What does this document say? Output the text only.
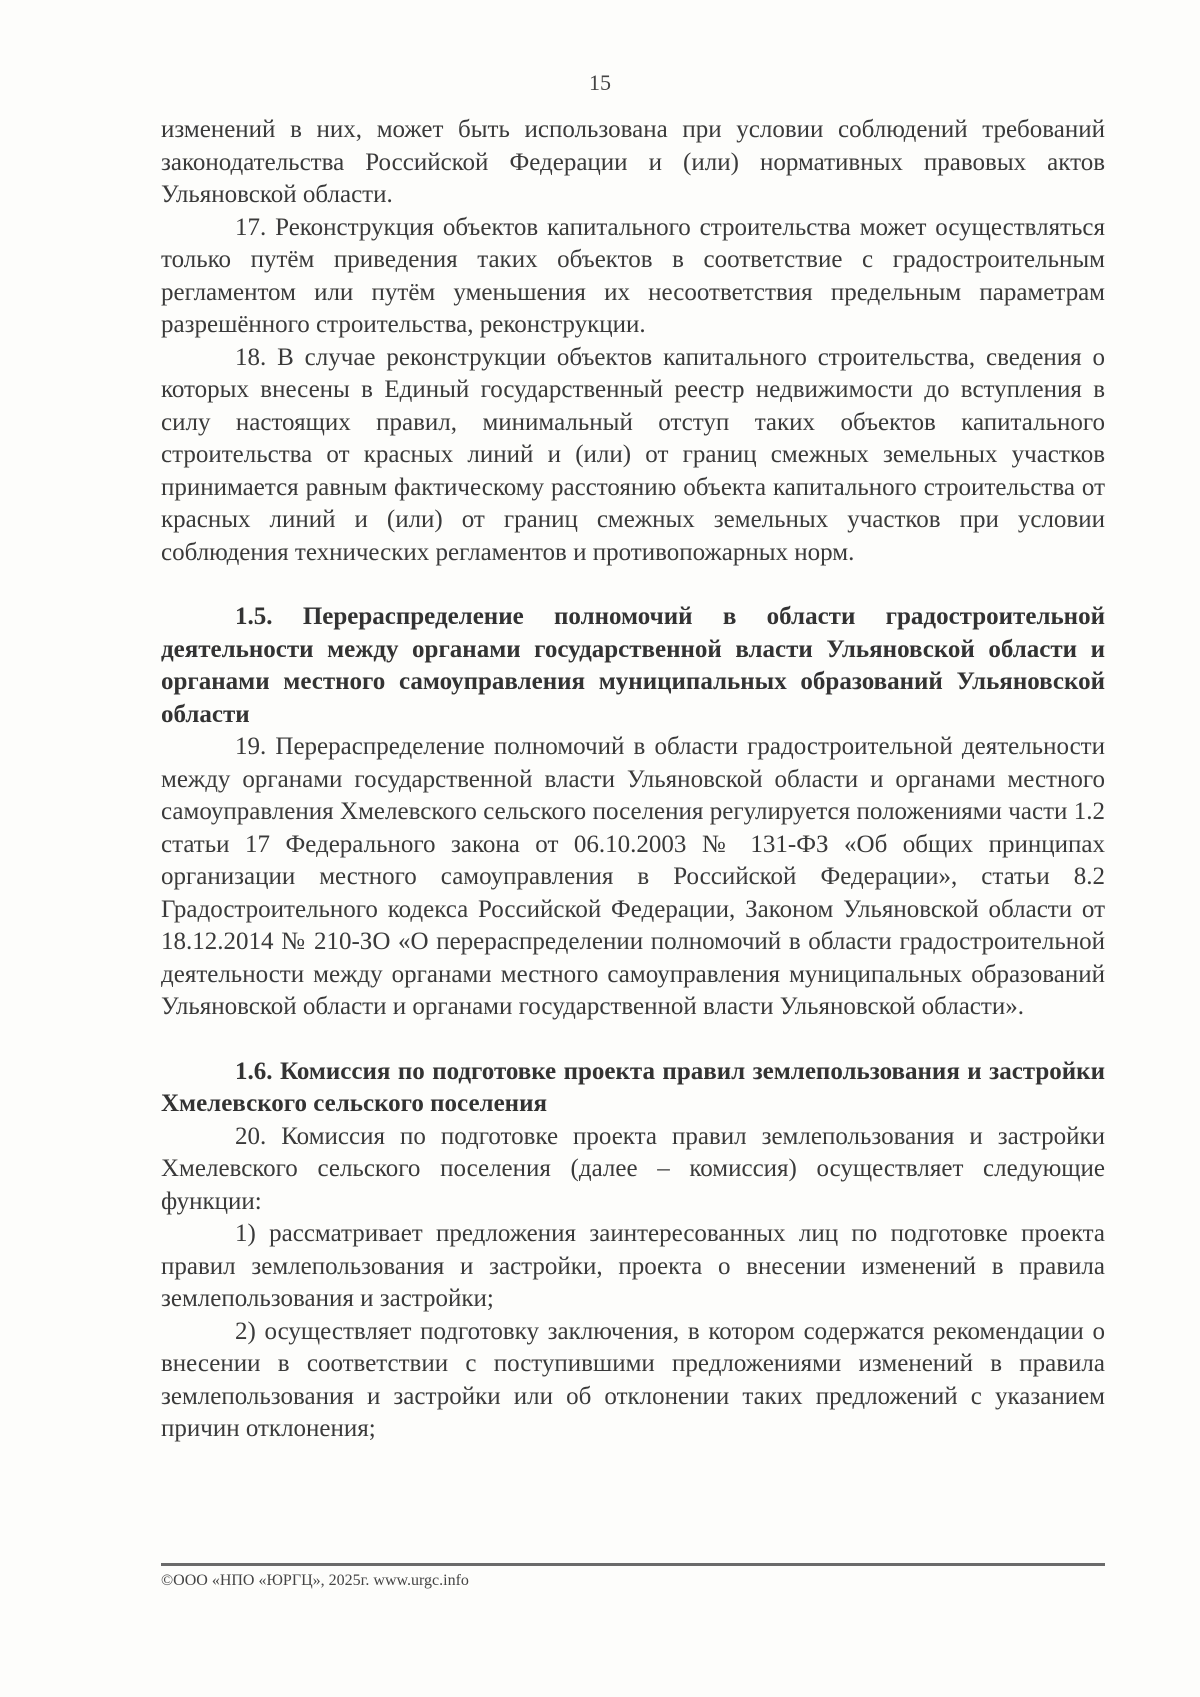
15

изменений в них, может быть использована при условии соблюдений требований законодательства Российской Федерации и (или) нормативных правовых актов Ульяновской области.

17. Реконструкция объектов капитального строительства может осуществляться только путём приведения таких объектов в соответствие с градостроительным регламентом или путём уменьшения их несоответствия предельным параметрам разрешённого строительства, реконструкции.

18. В случае реконструкции объектов капитального строительства, сведения о которых внесены в Единый государственный реестр недвижимости до вступления в силу настоящих правил, минимальный отступ таких объектов капитального строительства от красных линий и (или) от границ смежных земельных участков принимается равным фактическому расстоянию объекта капитального строительства от красных линий и (или) от границ смежных земельных участков при условии соблюдения технических регламентов и противопожарных норм.

1.5. Перераспределение полномочий в области градостроительной деятельности между органами государственной власти Ульяновской области и органами местного самоуправления муниципальных образований Ульяновской области

19. Перераспределение полномочий в области градостроительной деятельности между органами государственной власти Ульяновской области и органами местного самоуправления Хмелевского сельского поселения регулируется положениями части 1.2 статьи 17 Федерального закона от 06.10.2003 № 131-ФЗ «Об общих принципах организации местного самоуправления в Российской Федерации», статьи 8.2 Градостроительного кодекса Российской Федерации, Законом Ульяновской области от 18.12.2014 № 210-ЗО «О перераспределении полномочий в области градостроительной деятельности между органами местного самоуправления муниципальных образований Ульяновской области и органами государственной власти Ульяновской области».

1.6. Комиссия по подготовке проекта правил землепользования и застройки Хмелевского сельского поселения

20. Комиссия по подготовке проекта правил землепользования и застройки Хмелевского сельского поселения (далее – комиссия) осуществляет следующие функции:

1) рассматривает предложения заинтересованных лиц по подготовке проекта правил землепользования и застройки, проекта о внесении изменений в правила землепользования и застройки;

2) осуществляет подготовку заключения, в котором содержатся рекомендации о внесении в соответствии с поступившими предложениями изменений в правила землепользования и застройки или об отклонении таких предложений с указанием причин отклонения;

©ООО «НПО «ЮРГЦ», 2025г. www.urgc.info
